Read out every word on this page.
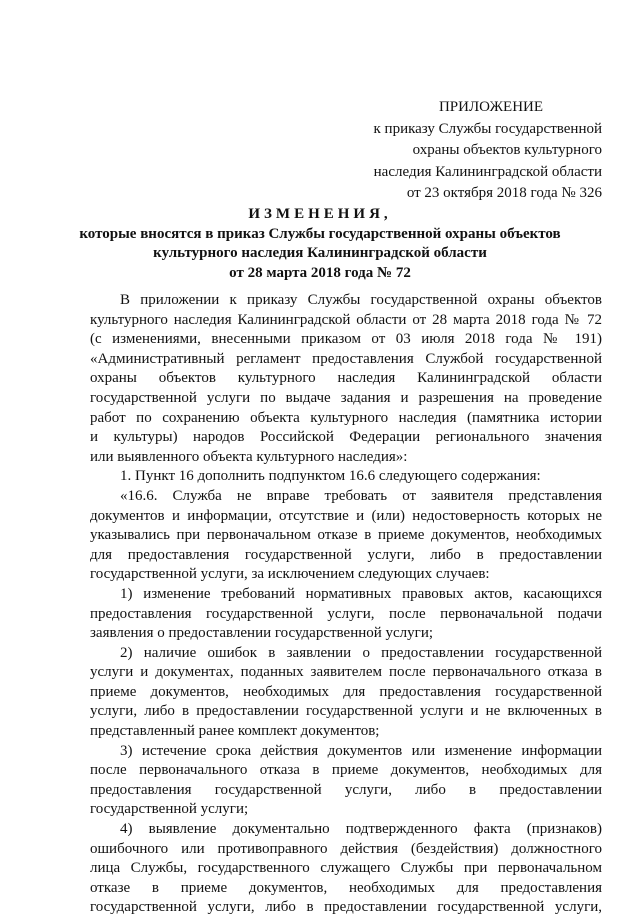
ПРИЛОЖЕНИЕ
к приказу Службы государственной
охраны объектов культурного
наследия Калининградской области
от 23 октября 2018 года № 326
ИЗМЕНЕНИЯ,
которые вносятся в приказ Службы государственной охраны объектов
культурного наследия Калининградской области
от 28 марта 2018 года № 72

В приложении к приказу Службы государственной охраны объектов

культурного наследия Калининградской области от 28 марта 2018 года № 72

(с изменениями, внесенными приказом от 03 июля 2018 года № 191)

«Административный регламент предоставления Службой государственной

охраны объектов культурного наследия Калининградской области

государственной услуги по выдаче задания и разрешения на проведение

работ по сохранению объекта культурного наследия (памятника истории

и культуры) народов Российской Федерации регионального значения

или выявленного объекта культурного наследия»:

1. Пункт 16 дополнить подпунктом 16.6 следующего содержания:

«16.6. Служба не вправе требовать от заявителя представления

документов и информации, отсутствие и (или) недостоверность которых не

указывались при первоначальном отказе в приеме документов, необходимых

для предоставления государственной услуги, либо в предоставлении

государственной услуги, за исключением следующих случаев:

1) изменение требований нормативных правовых актов, касающихся

предоставления государственной услуги, после первоначальной подачи

заявления о предоставлении государственной услуги;

2) наличие ошибок в заявлении о предоставлении государственной

услуги и документах, поданных заявителем после первоначального отказа в

приеме документов, необходимых для предоставления государственной

услуги, либо в предоставлении государственной услуги и не включенных в

представленный ранее комплект документов;

3) истечение срока действия документов или изменение информации

после первоначального отказа в приеме документов, необходимых для

предоставления государственной услуги, либо в предоставлении

государственной услуги;

4) выявление документально подтвержденного факта (признаков)

ошибочного или противоправного действия (бездействия) должностного

лица Службы, государственного служащего Службы при первоначальном

отказе в приеме документов, необходимых для предоставления

государственной услуги, либо в предоставлении государственной услуги,
